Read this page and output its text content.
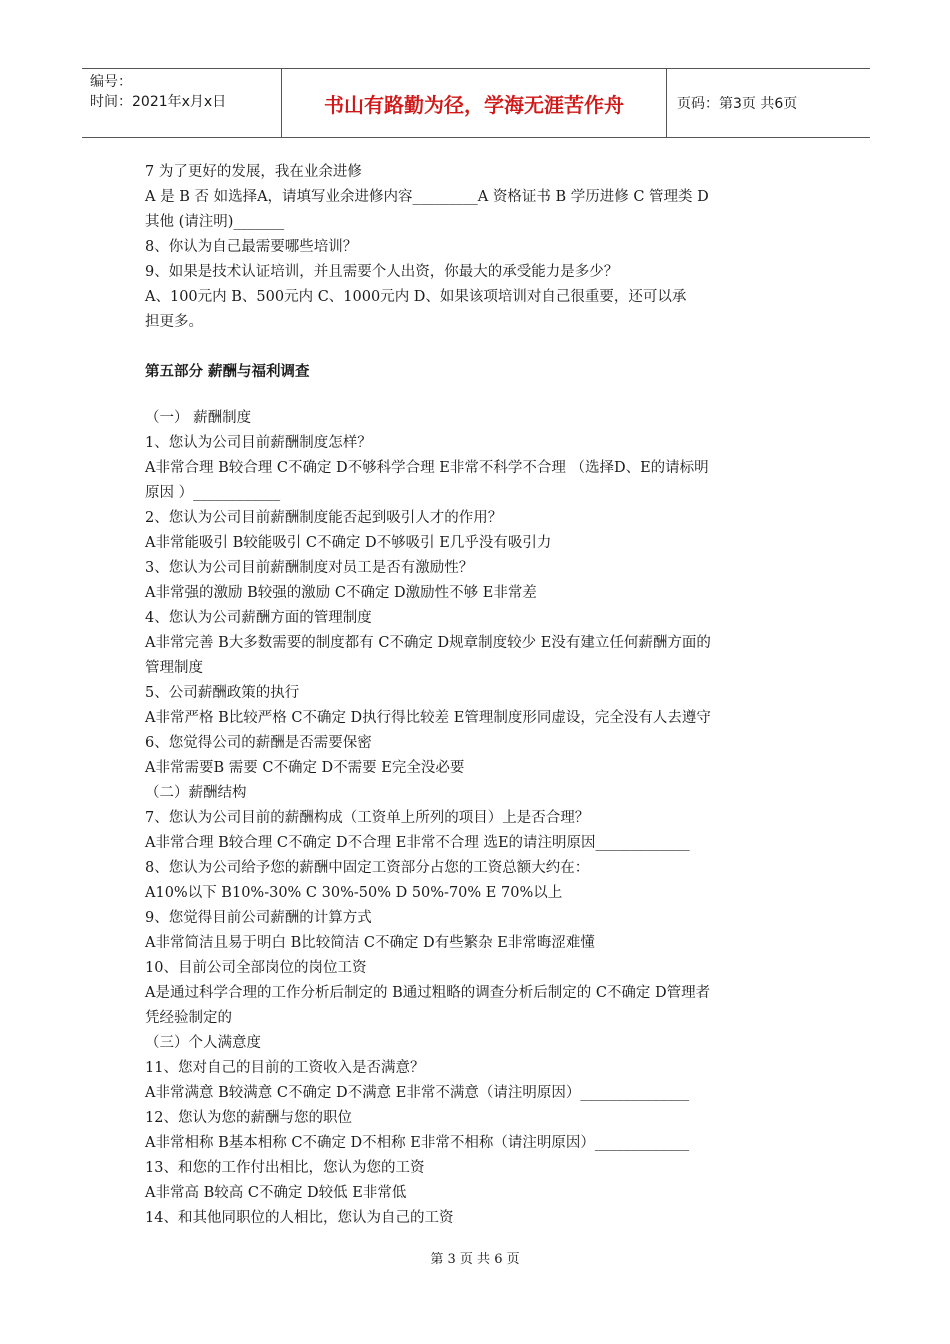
编号：
时间：2021年x月x日	书山有路勤为径，学海无涯苦作舟	页码：第3页 共6页

7 为了更好的发展，我在业余进修

A 是 B 否 如选择A，请填写业余进修内容_________A 资格证书 B 学历进修 C 管理类 D

其他 (请注明)_______

8、你认为自己最需要哪些培训？

9、如果是技术认证培训，并且需要个人出资，你最大的承受能力是多少？

A、100元内 B、500元内 C、1000元内 D、如果该项培训对自己很重要，还可以承

担更多。

第五部分 薪酬与福利调查

（一） 薪酬制度

1、您认为公司目前薪酬制度怎样？

A非常合理 B较合理 C不确定 D不够科学合理 E非常不科学不合理 （选择D、E的请标明

原因 ）____________

2、您认为公司目前薪酬制度能否起到吸引人才的作用？

A非常能吸引 B较能吸引 C不确定 D不够吸引 E几乎没有吸引力

3、您认为公司目前薪酬制度对员工是否有激励性？

A非常强的激励 B较强的激励 C不确定 D激励性不够 E非常差

4、您认为公司薪酬方面的管理制度

A非常完善 B大多数需要的制度都有 C不确定 D规章制度较少 E没有建立任何薪酬方面的

管理制度

5、公司薪酬政策的执行

A非常严格 B比较严格 C不确定 D执行得比较差 E管理制度形同虚设，完全没有人去遵守

6、您觉得公司的薪酬是否需要保密

A非常需要B 需要 C不确定 D不需要 E完全没必要

（二）薪酬结构

7、您认为公司目前的薪酬构成（工资单上所列的项目）上是否合理？

A非常合理 B较合理 C不确定 D不合理 E非常不合理 选E的请注明原因_____________

8、您认为公司给予您的薪酬中固定工资部分占您的工资总额大约在：

A10%以下 B10%-30% C 30%-50% D 50%-70% E 70%以上

9、您觉得目前公司薪酬的计算方式

A非常简洁且易于明白 B比较简洁 C不确定 D有些繁杂 E非常晦涩难懂

10、目前公司全部岗位的岗位工资

A是通过科学合理的工作分析后制定的 B通过粗略的调查分析后制定的 C不确定 D管理者

凭经验制定的

（三）个人满意度

11、您对自己的目前的工资收入是否满意？

A非常满意 B较满意 C不确定 D不满意 E非常不满意（请注明原因）_______________

12、您认为您的薪酬与您的职位

A非常相称 B基本相称 C不确定 D不相称 E非常不相称（请注明原因）_____________

13、和您的工作付出相比，您认为您的工资

A非常高 B较高 C不确定 D较低 E非常低

14、和其他同职位的人相比，您认为自己的工资

第 3 页 共 6 页
